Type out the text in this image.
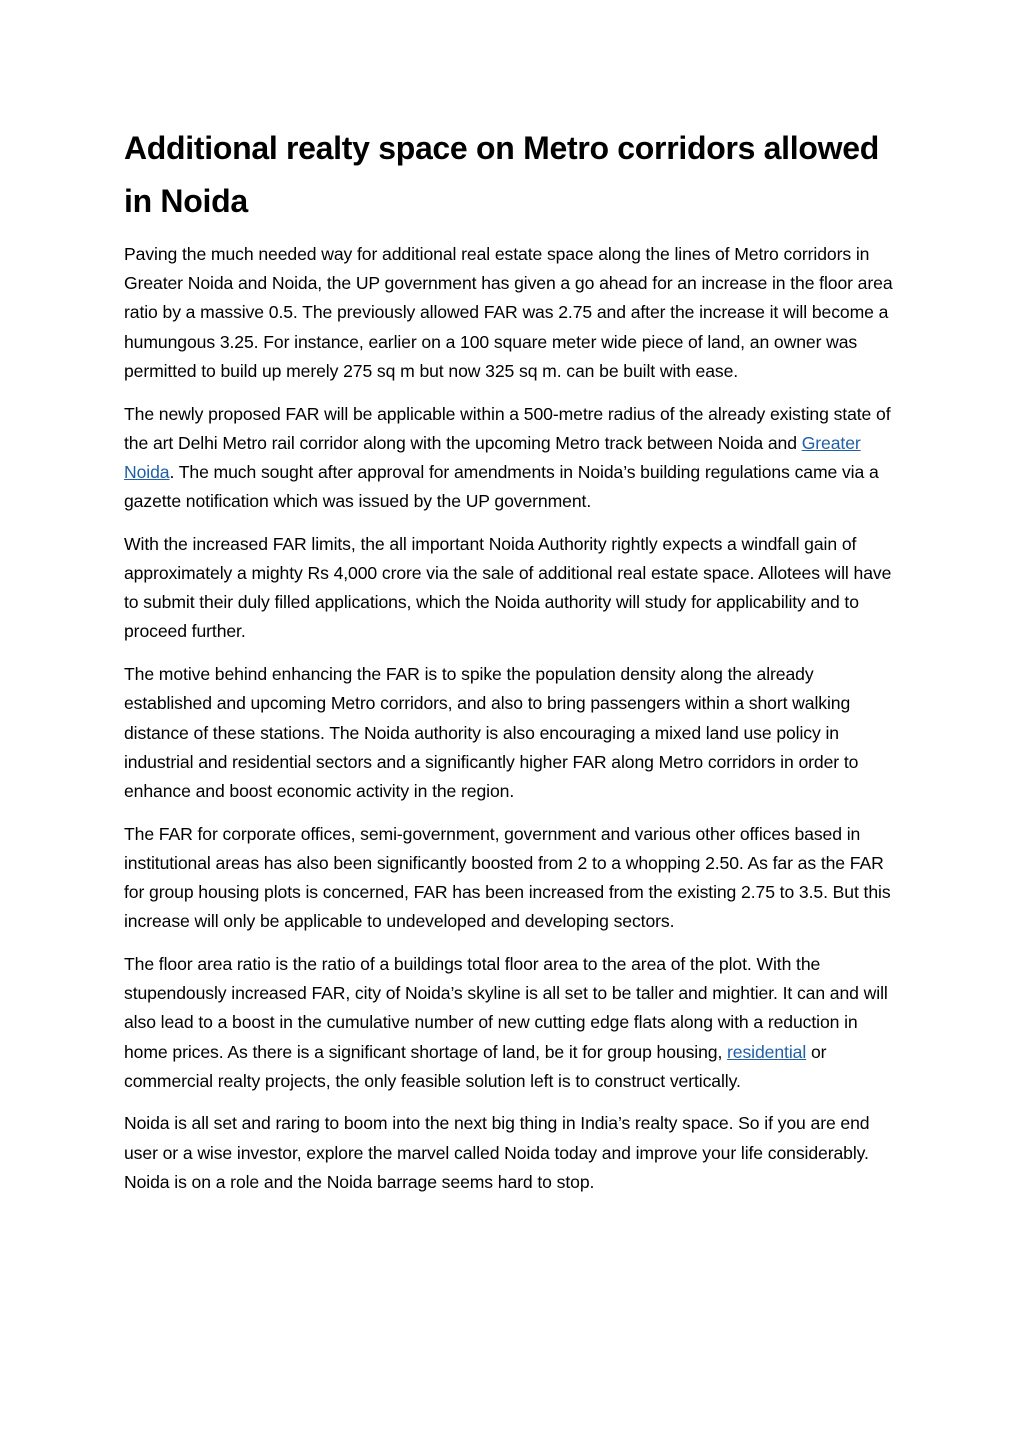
Additional realty space on Metro corridors allowed in Noida

Paving the much needed way for additional real estate space along the lines of Metro corridors in Greater Noida and Noida, the UP government has given a go ahead for an increase in the floor area ratio by a massive 0.5. The previously allowed FAR was 2.75 and after the increase it will become a humungous 3.25. For instance, earlier on a 100 square meter wide piece of land, an owner was permitted to build up merely 275 sq m but now 325 sq m. can be built with ease.

The newly proposed FAR will be applicable within a 500-metre radius of the already existing state of the art Delhi Metro rail corridor along with the upcoming Metro track between Noida and Greater Noida. The much sought after approval for amendments in Noida’s building regulations came via a gazette notification which was issued by the UP government.

With the increased FAR limits, the all important Noida Authority rightly expects a windfall gain of approximately a mighty Rs 4,000 crore via the sale of additional real estate space. Allotees will have to submit their duly filled applications, which the Noida authority will study for applicability and to proceed further.

The motive behind enhancing the FAR is to spike the population density along the already established and upcoming Metro corridors, and also to bring passengers within a short walking distance of these stations. The Noida authority is also encouraging a mixed land use policy in industrial and residential sectors and a significantly higher FAR along Metro corridors in order to enhance and boost economic activity in the region.

The FAR for corporate offices, semi-government, government and various other offices based in institutional areas has also been significantly boosted from 2 to a whopping 2.50. As far as the FAR for group housing plots is concerned, FAR has been increased from the existing 2.75 to 3.5. But this increase will only be applicable to undeveloped and developing sectors.

The floor area ratio is the ratio of a buildings total floor area to the area of the plot. With the stupendously increased FAR, city of Noida’s skyline is all set to be taller and mightier. It can and will also lead to a boost in the cumulative number of new cutting edge flats along with a reduction in home prices. As there is a significant shortage of land, be it for group housing, residential or commercial realty projects, the only feasible solution left is to construct vertically.

Noida is all set and raring to boom into the next big thing in India’s realty space. So if you are end user or a wise investor, explore the marvel called Noida today and improve your life considerably. Noida is on a role and the Noida barrage seems hard to stop.
